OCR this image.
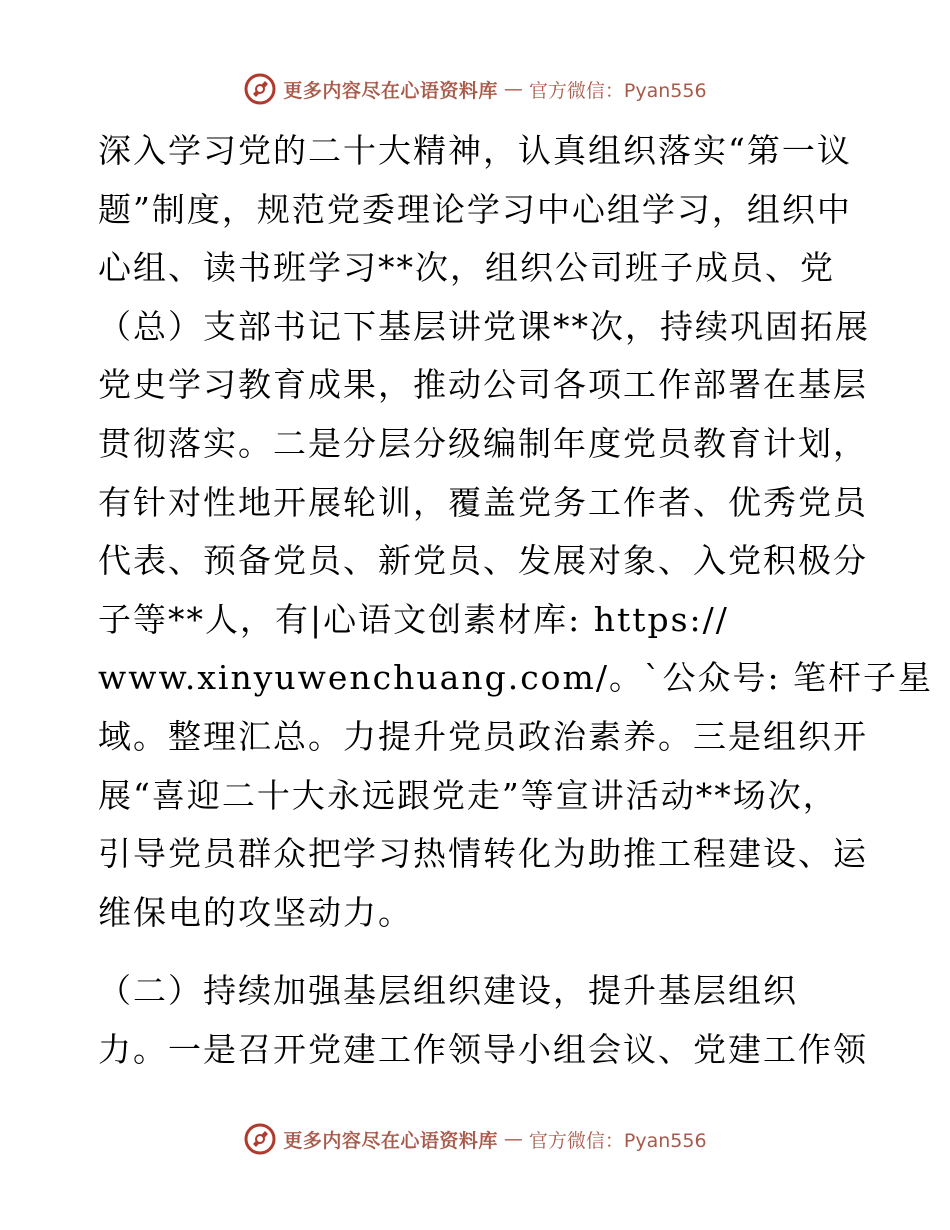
更多内容尽在心语资料库 — 官方微信：Pyan556
深入学习党的二十大精神，认真组织落实“第一议
题”制度，规范党委理论学习中心组学习，组织中
心组、读书班学习**次，组织公司班子成员、党
（总）支部书记下基层讲党课**次，持续巩固拓展
党史学习教育成果，推动公司各项工作部署在基层
贯彻落实。二是分层分级编制年度党员教育计划，
有针对性地开展轮训，覆盖党务工作者、优秀党员
代表、预备党员、新党员、发展对象、入党积极分
子等**人，有|心语文创素材库: https://
www.xinyuwenchuang.com/。`公众号: 笔杆子星
域。整理汇总。力提升党员政治素养。三是组织开
展“喜迎二十大永远跟党走”等宣讲活动**场次，
引导党员群众把学习热情转化为助推工程建设、运
维保电的攻坚动力。
（二）持续加强基层组织建设，提升基层组织
力。一是召开党建工作领导小组会议、党建工作领
更多内容尽在心语资料库 — 官方微信：Pyan556
